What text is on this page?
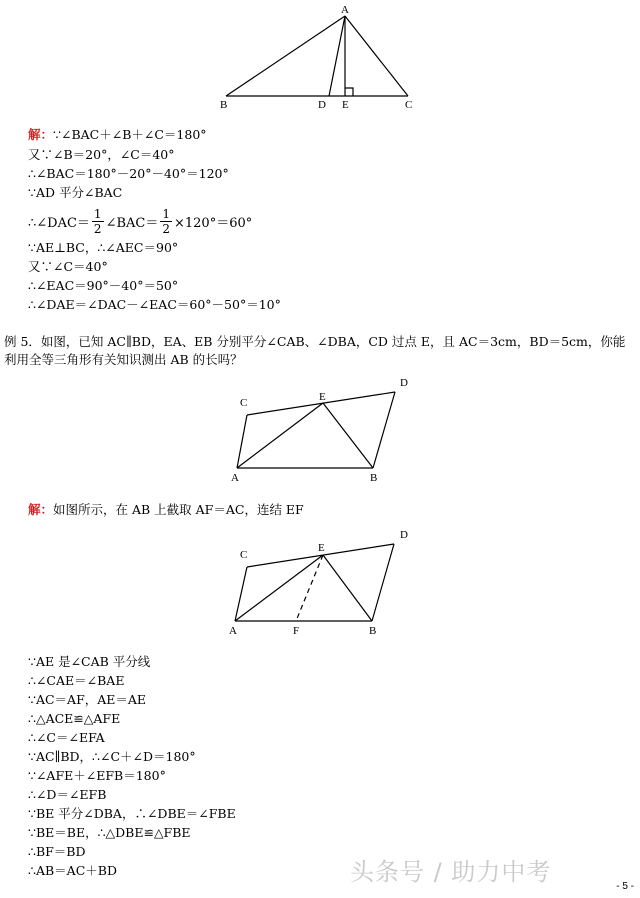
A
B	D E	C
解：∵∠BAC＋∠B＋∠C＝180°
又∵∠B＝20°，∠C＝40°
∴∠BAC＝180°－20°－40°＝120°
∵AD 平分∠BAC
∴∠DAC＝ $\frac{1}{2}$ ∠BAC＝ $\frac{1}{2} \times 120^\circ=60^\circ$
∵AE⊥BC，∴∠AEC＝90°
又∵∠C＝40°
∴∠EAC＝90°－40°＝50°
∴∠DAE＝∠DAC－∠EAC＝60°－50°＝10°
例 5．如图，已知 AC∥BD，EA、EB 分别平分∠CAB、∠DBA，CD 过点 E，且 AC＝3cm，BD＝5cm，你能利用全等三角形有关知识测出 AB 的长吗？
C	E
D
A	B
解：如图所示，在 AB 上截取 AF＝AC，连结 EF
C
E
D
A	F	B
∵AE 是∠CAB 平分线
∴∠CAE＝∠BAE
∵AC＝AF，AE＝AE
∴△ACE≌△AFE
∴∠C＝∠EFA
∵AC∥BD，∴∠C＋∠D＝180°
∵∠AFE＋∠EFB＝180°
∴∠D＝∠EFB
∵BE 平分∠DBA，∴∠DBE＝∠FBE
∵BE＝BE，∴△DBE≌△FBE
∴BF＝BD
∴AB＝AC＋BD	头条号 / 助力中考
- 5 -
